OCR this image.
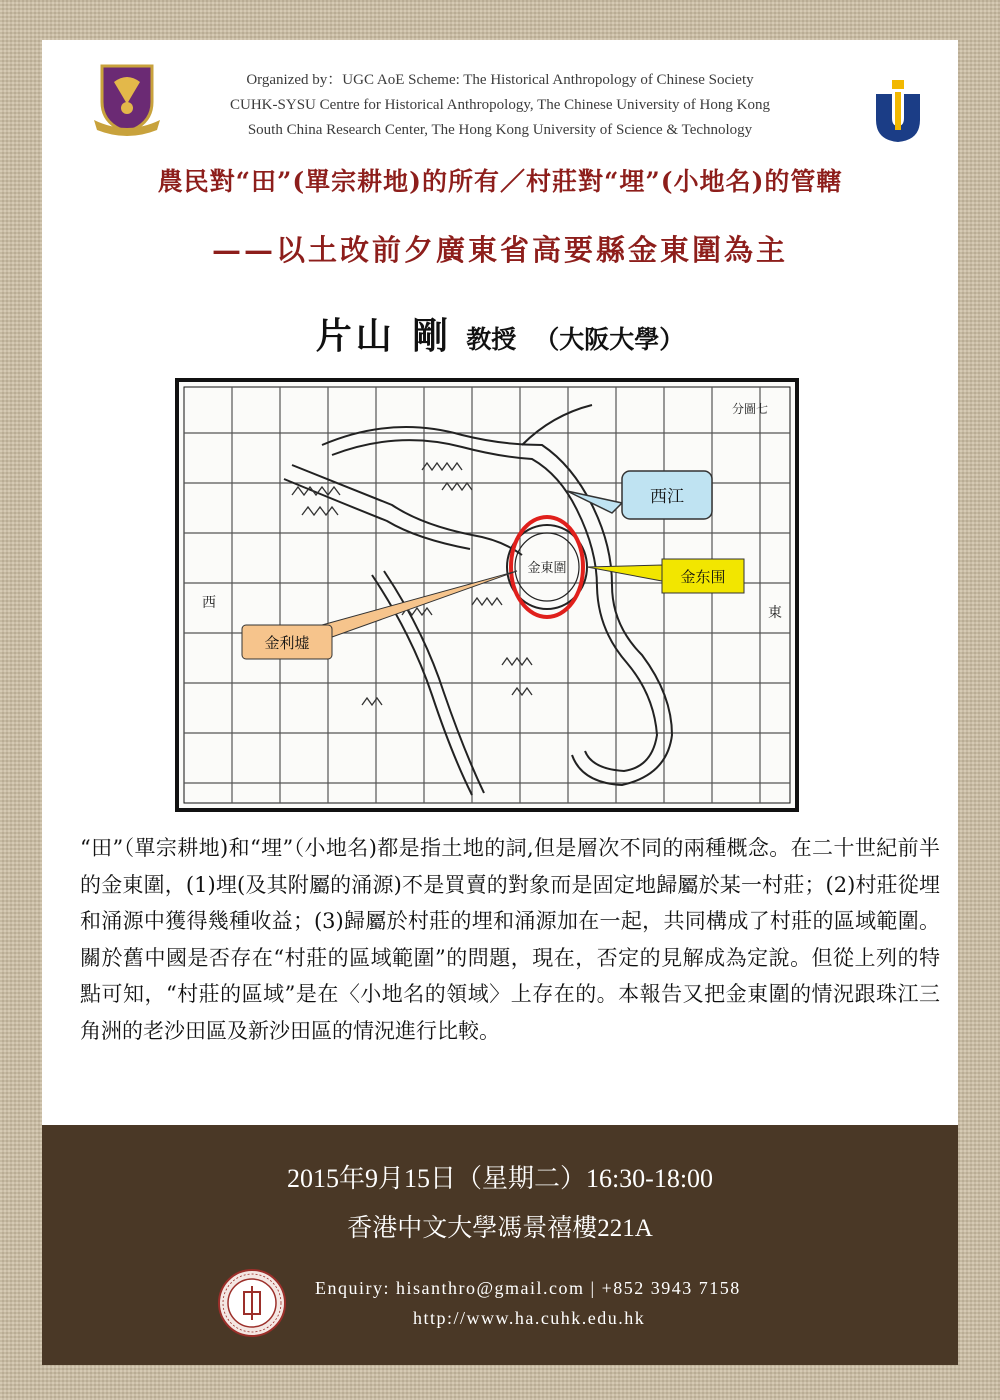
Organized by：UGC AoE Scheme: The Historical Anthropology of Chinese Society
CUHK-SYSU Centre for Historical Anthropology, The Chinese University of Hong Kong
South China Research Center, The Hong Kong University of Science & Technology
農民對“田”(單宗耕地)的所有／村莊對“埋”(小地名)的管轄
——以土改前夕廣東省高要縣金東圍為主
片山 剛 教授 （大阪大學）
金東圍
西
東
分圖七
西江
金东围
金利墟
“田”（單宗耕地)和“埋”（小地名)都是指土地的詞,但是層次不同的兩種概念。在二十世紀前半的金東圍，(1)埋(及其附屬的涌源)不是買賣的對象而是固定地歸屬於某一村莊；(2)村莊從埋和涌源中獲得幾種收益；(3)歸屬於村莊的埋和涌源加在一起，共同構成了村莊的區域範圍。關於舊中國是否存在“村莊的區域範圍”的問題，現在，否定的見解成為定說。但從上列的特點可知，“村莊的區域”是在〈小地名的領域〉上存在的。本報告又把金東圍的情況跟珠江三角洲的老沙田區及新沙田區的情況進行比較。
2015年9月15日（星期二）16:30-18:00
香港中文大學馮景禧樓221A
Enquiry: hisanthro@gmail.com | +852 3943 7158
http://www.ha.cuhk.edu.hk
